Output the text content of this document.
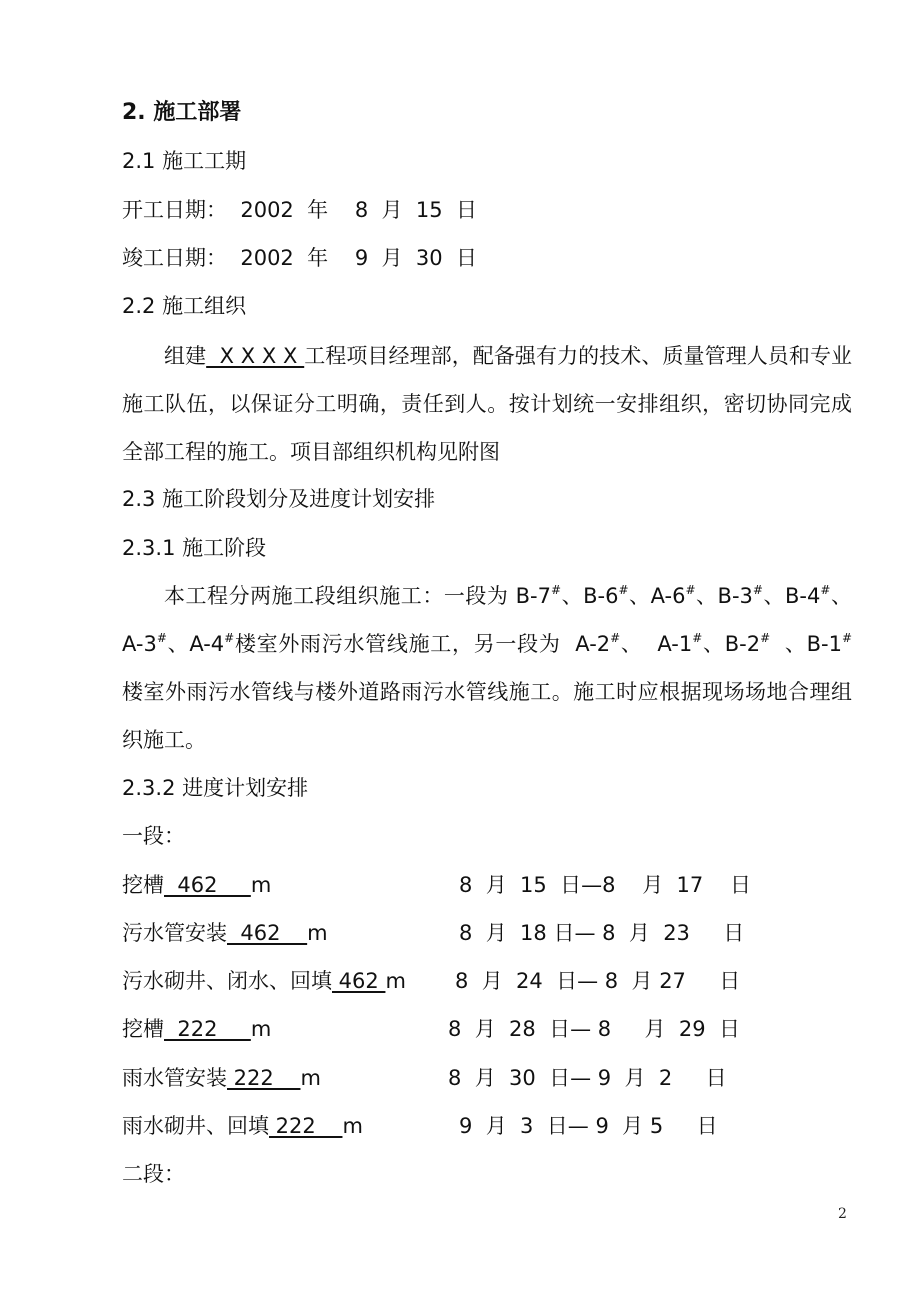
2. 施工部署
2.1 施工工期
开工日期：  2002  年    8  月  15  日
竣工日期：  2002  年    9  月  30  日
2.2 施工组织
组建  X X X X 工程项目经理部，配备强有力的技术、质量管理人员和专业施工队伍，以保证分工明确，责任到人。按计划统一安排组织，密切协同完成全部工程的施工。项目部组织机构见附图
2.3 施工阶段划分及进度计划安排
2.3.1 施工阶段
本工程分两施工段组织施工：一段为 B-7#、B-6#、A-6#、B-3#、B-4#、A-3#、A-4#楼室外雨污水管线施工，另一段为  A-2#、  A-1#、B-2#  、B-1#楼室外雨污水管线与楼外道路雨污水管线施工。施工时应根据现场场地合理组织施工。
2.3.2 进度计划安排
一段：
挖槽  462     m	8  月  15  日—8    月  17    日
污水管安装  462    m	8  月  18 日— 8  月  23     日
污水砌井、闭水、回填 462 m 8  月  24  日— 8  月 27     日
挖槽  222     m	8  月  28  日— 8     月  29  日
雨水管安装 222    m	8  月  30  日— 9  月  2     日
雨水砌井、回填 222    m	9  月  3  日— 9  月 5     日
二段：
2
